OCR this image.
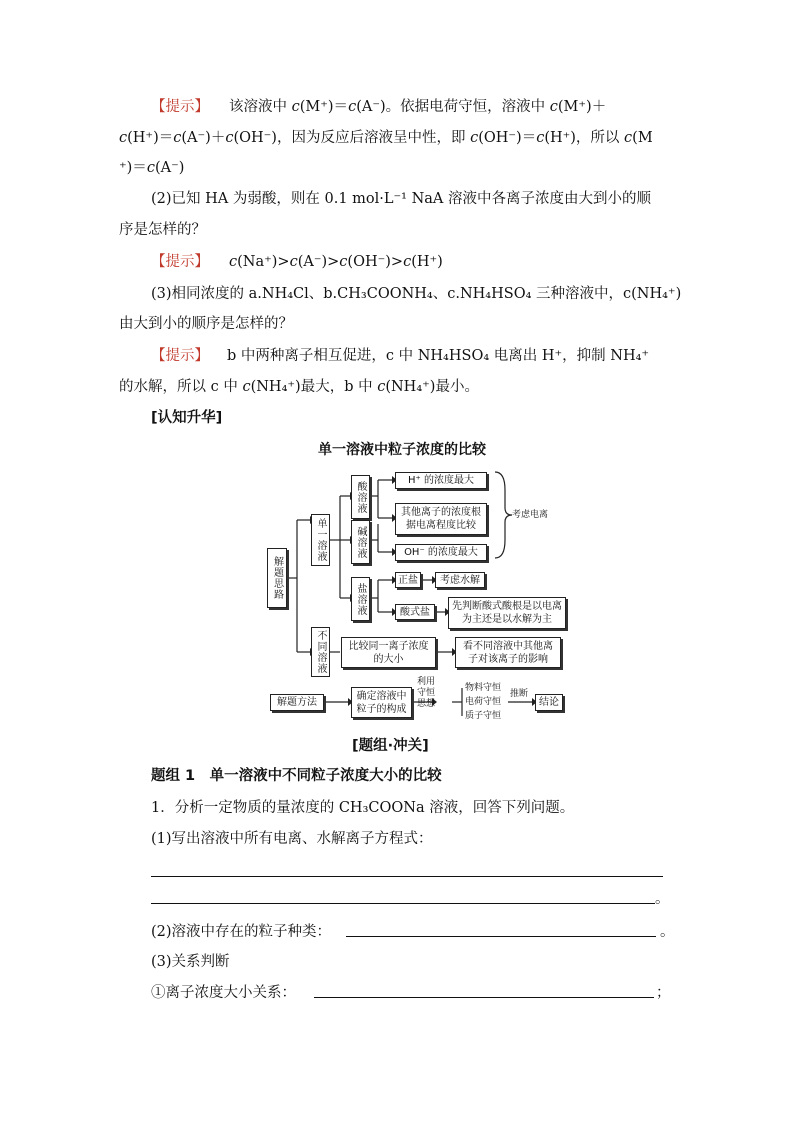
【提示】 该溶液中 c(M⁺)＝c(A⁻)。依据电荷守恒，溶液中 c(M⁺)＋
c(H⁺)＝c(A⁻)＋c(OH⁻)，因为反应后溶液呈中性，即 c(OH⁻)＝c(H⁺)，所以 c(M
⁺)＝c(A⁻)
(2)已知 HA 为弱酸，则在 0.1 mol·L⁻¹ NaA 溶液中各离子浓度由大到小的顺
序是怎样的？
【提示】 c(Na⁺)>c(A⁻)>c(OH⁻)>c(H⁺)
(3)相同浓度的 a.NH₄Cl、b.CH₃COONH₄、c.NH₄HSO₄ 三种溶液中，c(NH₄⁺)
由大到小的顺序是怎样的？
【提示】 b 中两种离子相互促进，c 中 NH₄HSO₄ 电离出 H⁺，抑制 NH₄⁺
的水解，所以 c 中 c(NH₄⁺)最大，b 中 c(NH₄⁺)最小。
[认知升华]
单一溶液中粒子浓度的比较
解题思路
单一溶液
酸溶液
碱溶液
盐溶液
H⁺ 的浓度最大
其他离子的浓度根据电离程度比较
OH⁻ 的浓度最大
考虑电离
正盐	考虑水解
酸式盐	先判断酸式酸根是以电离为主还是以水解为主
不同溶液	比较同一离子浓度的大小
看不同溶液中其他离子对该离子的影响
解题方法
确定溶液中粒子的构成
利用守恒思想
物料守恒
电荷守恒
质子守恒
推断
结论
[题组·冲关]
题组 1　单一溶液中不同粒子浓度大小的比较
1．分析一定物质的量浓度的 CH₃COONa 溶液，回答下列问题。
(1)写出溶液中所有电离、水解离子方程式：
。
(2)溶液中存在的粒子种类：	。
(3)关系判断
①离子浓度大小关系：	；
